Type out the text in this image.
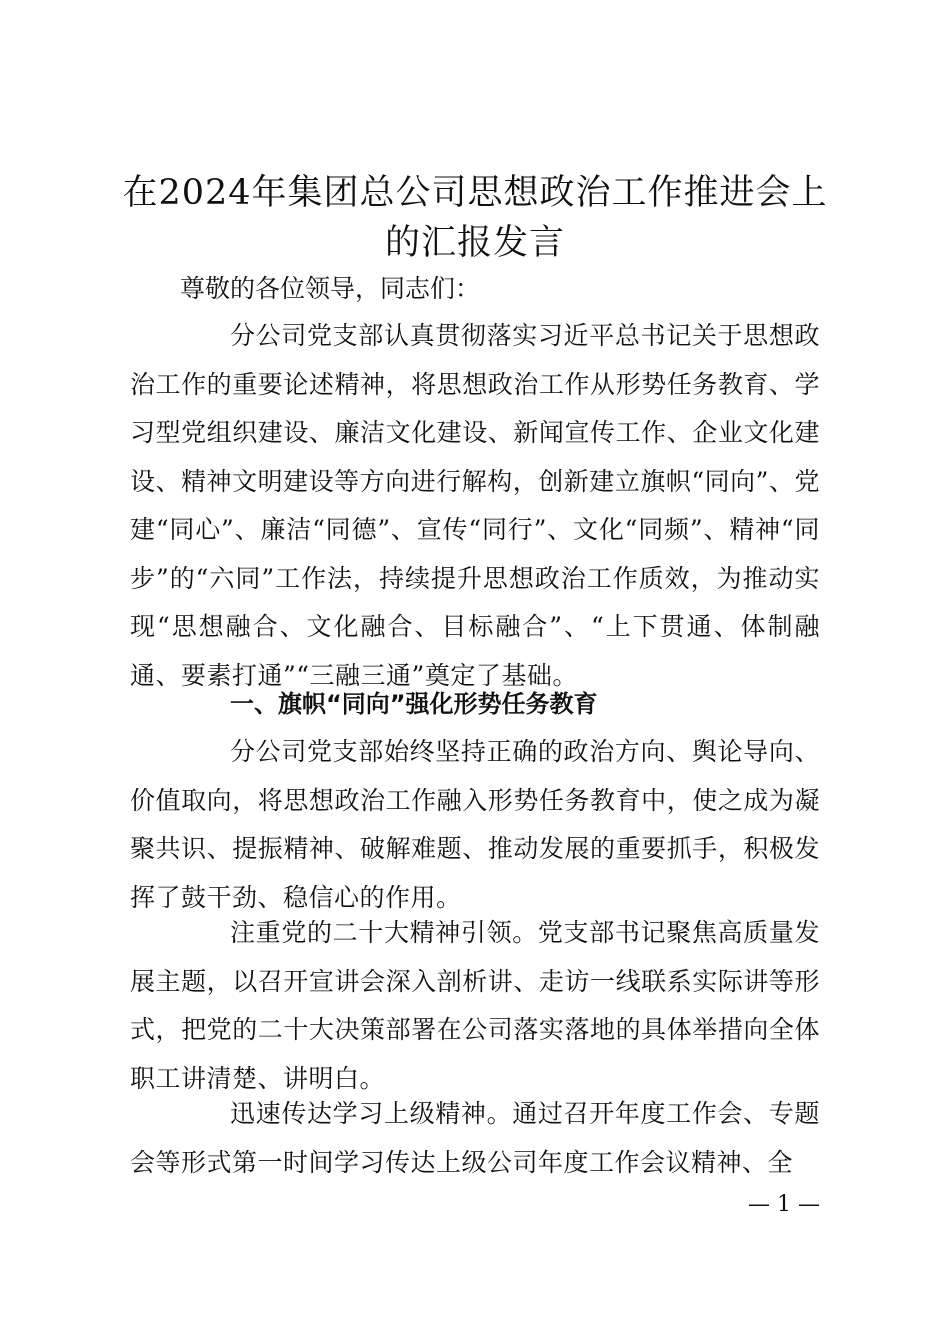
在2024年集团总公司思想政治工作推进会上的汇报发言
尊敬的各位领导，同志们：

分公司党支部认真贯彻落实习近平总书记关于思想政治工作的重要论述精神，将思想政治工作从形势任务教育、学习型党组织建设、廉洁文化建设、新闻宣传工作、企业文化建设、精神文明建设等方向进行解构，创新建立旗帜“同向”、党建“同心”、廉洁“同德”、宣传“同行”、文化“同频”、精神“同步”的“六同”工作法，持续提升思想政治工作质效，为推动实现“思想融合、文化融合、目标融合”、“上下贯通、体制融通、要素打通”“三融三通”奠定了基础。

一、旗帜“同向”强化形势任务教育

分公司党支部始终坚持正确的政治方向、舆论导向、价值取向，将思想政治工作融入形势任务教育中，使之成为凝聚共识、提振精神、破解难题、推动发展的重要抓手，积极发挥了鼓干劲、稳信心的作用。

注重党的二十大精神引领。党支部书记聚焦高质量发展主题，以召开宣讲会深入剖析讲、走访一线联系实际讲等形式，把党的二十大决策部署在公司落实落地的具体举措向全体职工讲清楚、讲明白。

迅速传达学习上级精神。通过召开年度工作会、专题会等形式第一时间学习传达上级公司年度工作会议精神、全

— 1 —
